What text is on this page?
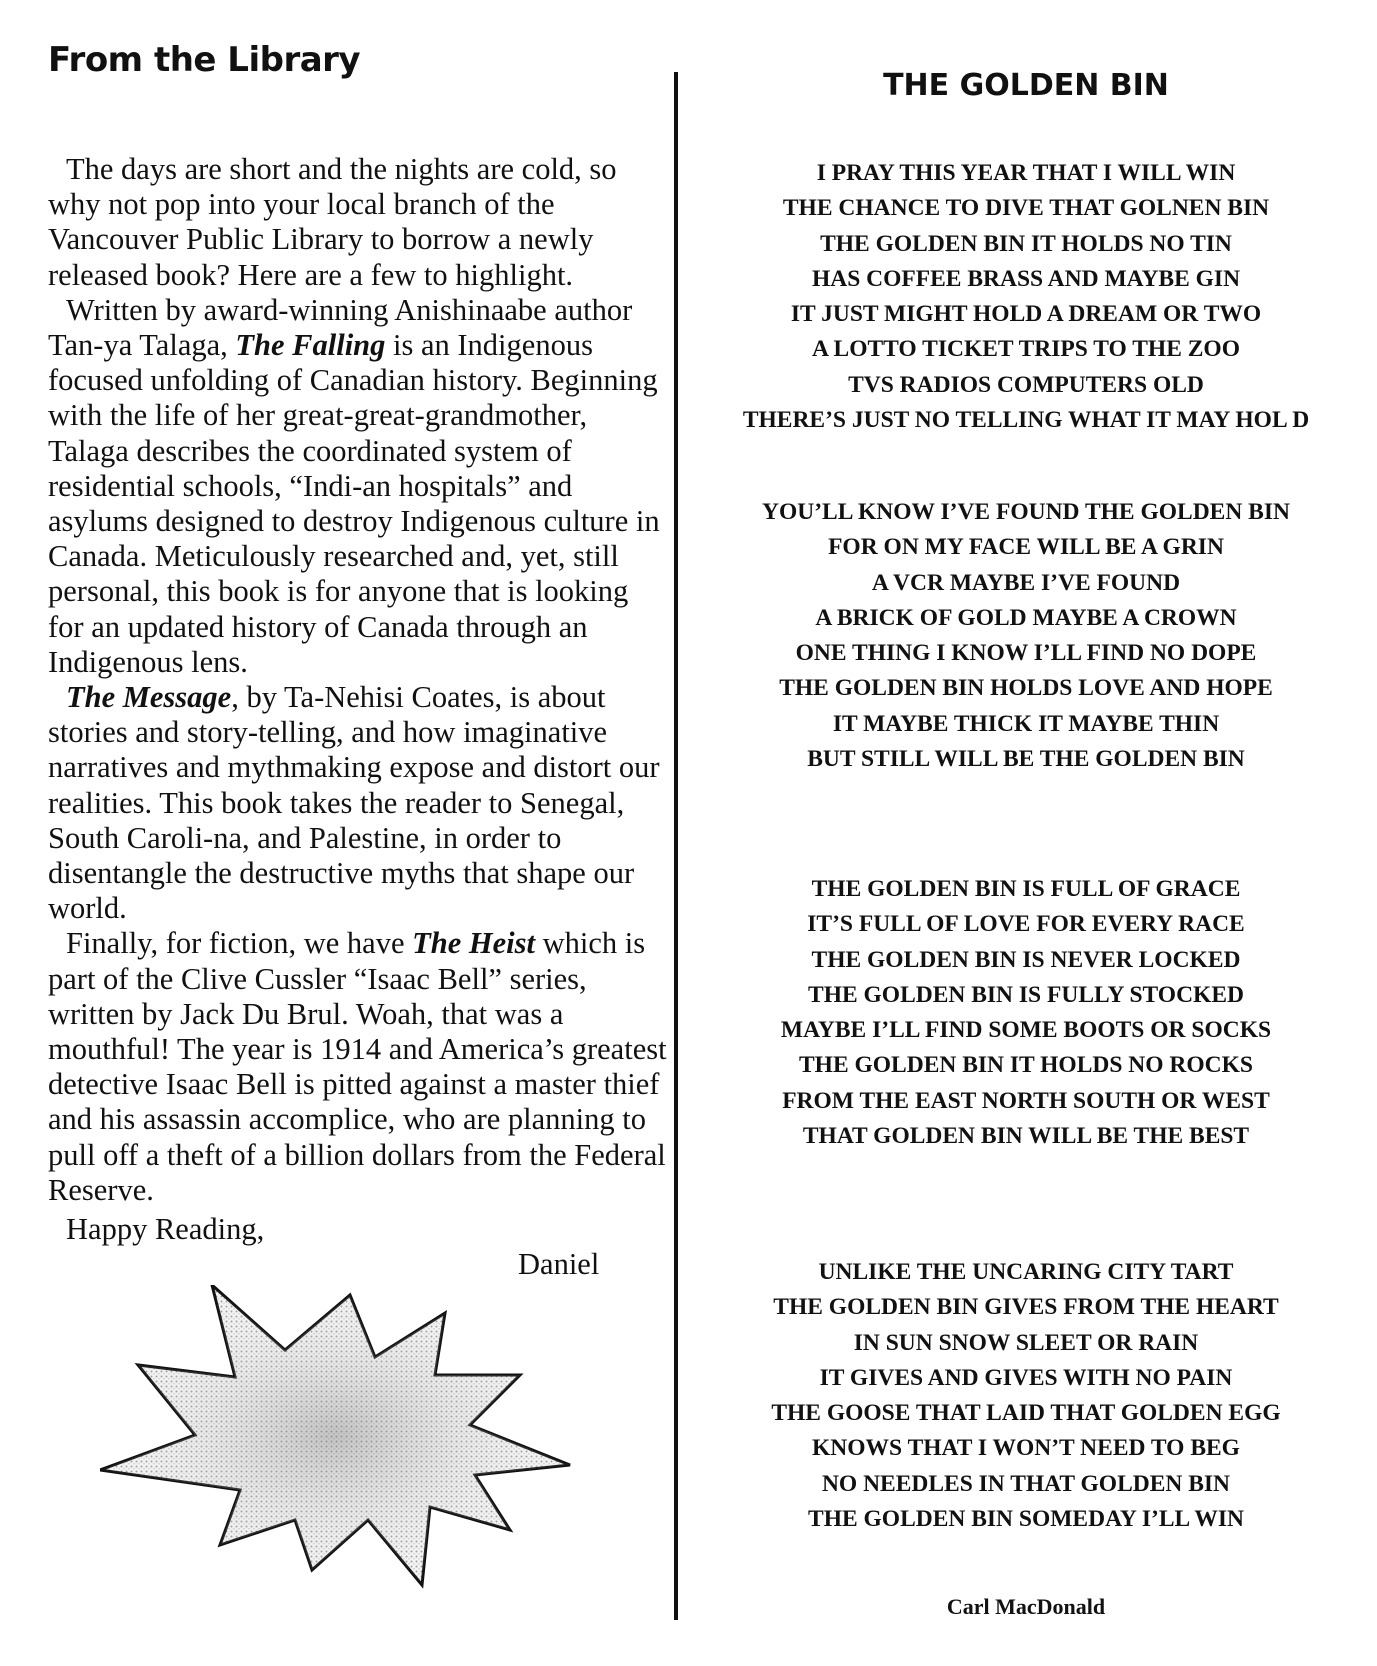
From the Library

The days are short and the nights are cold, so why not pop into your local branch of the Vancouver Public Library to borrow a newly released book? Here are a few to highlight.

Written by award-winning Anishinaabe author Tan-ya Talaga, The Falling is an Indigenous focused unfolding of Canadian history. Beginning with the life of her great-great-grandmother, Talaga describes the coordinated system of residential schools, “Indi-an hospitals” and asylums designed to destroy Indigenous culture in Canada. Meticulously researched and, yet, still personal, this book is for anyone that is looking for an updated history of Canada through an Indigenous lens.

The Message, by Ta-Nehisi Coates, is about stories and story-telling, and how imaginative narratives and mythmaking expose and distort our realities. This book takes the reader to Senegal, South Caroli-na, and Palestine, in order to disentangle the destructive myths that shape our world.

Finally, for fiction, we have The Heist which is part of the Clive Cussler “Isaac Bell” series, written by Jack Du Brul. Woah, that was a mouthful! The year is 1914 and America’s greatest detective Isaac Bell is pitted against a master thief and his assassin accomplice, who are planning to pull off a theft of a billion dollars from the Federal Reserve.

Happy Reading,
Daniel
THE GOLDEN BIN
I PRAY THIS YEAR THAT I WILL WIN
THE CHANCE TO DIVE THAT GOLNEN BIN
THE GOLDEN BIN IT HOLDS NO TIN
HAS COFFEE BRASS AND MAYBE GIN
IT JUST MIGHT HOLD A DREAM OR TWO
A LOTTO TICKET TRIPS TO THE ZOO
TVS RADIOS COMPUTERS OLD
THERE’S JUST NO TELLING WHAT IT MAY HOL D
YOU’LL KNOW I’VE FOUND THE GOLDEN BIN
FOR ON MY FACE WILL BE A GRIN
A VCR MAYBE I’VE FOUND
A BRICK OF GOLD MAYBE A CROWN
ONE THING I KNOW I’LL FIND NO DOPE
THE GOLDEN BIN HOLDS LOVE AND HOPE
IT MAYBE THICK IT MAYBE THIN
BUT STILL WILL BE THE GOLDEN BIN
THE GOLDEN BIN IS FULL OF GRACE
IT’S FULL OF LOVE FOR EVERY RACE
THE GOLDEN BIN IS NEVER LOCKED
THE GOLDEN BIN IS FULLY STOCKED
MAYBE I’LL FIND SOME BOOTS OR SOCKS
THE GOLDEN BIN IT HOLDS NO ROCKS
FROM THE EAST NORTH SOUTH OR WEST
THAT GOLDEN BIN WILL BE THE BEST
UNLIKE THE UNCARING CITY TART
THE GOLDEN BIN GIVES FROM THE HEART
IN SUN SNOW SLEET OR RAIN
IT GIVES AND GIVES WITH NO PAIN
THE GOOSE THAT LAID THAT GOLDEN EGG
KNOWS THAT I WON’T NEED TO BEG
NO NEEDLES IN THAT GOLDEN BIN
THE GOLDEN BIN SOMEDAY I’LL WIN
Carl MacDonald
